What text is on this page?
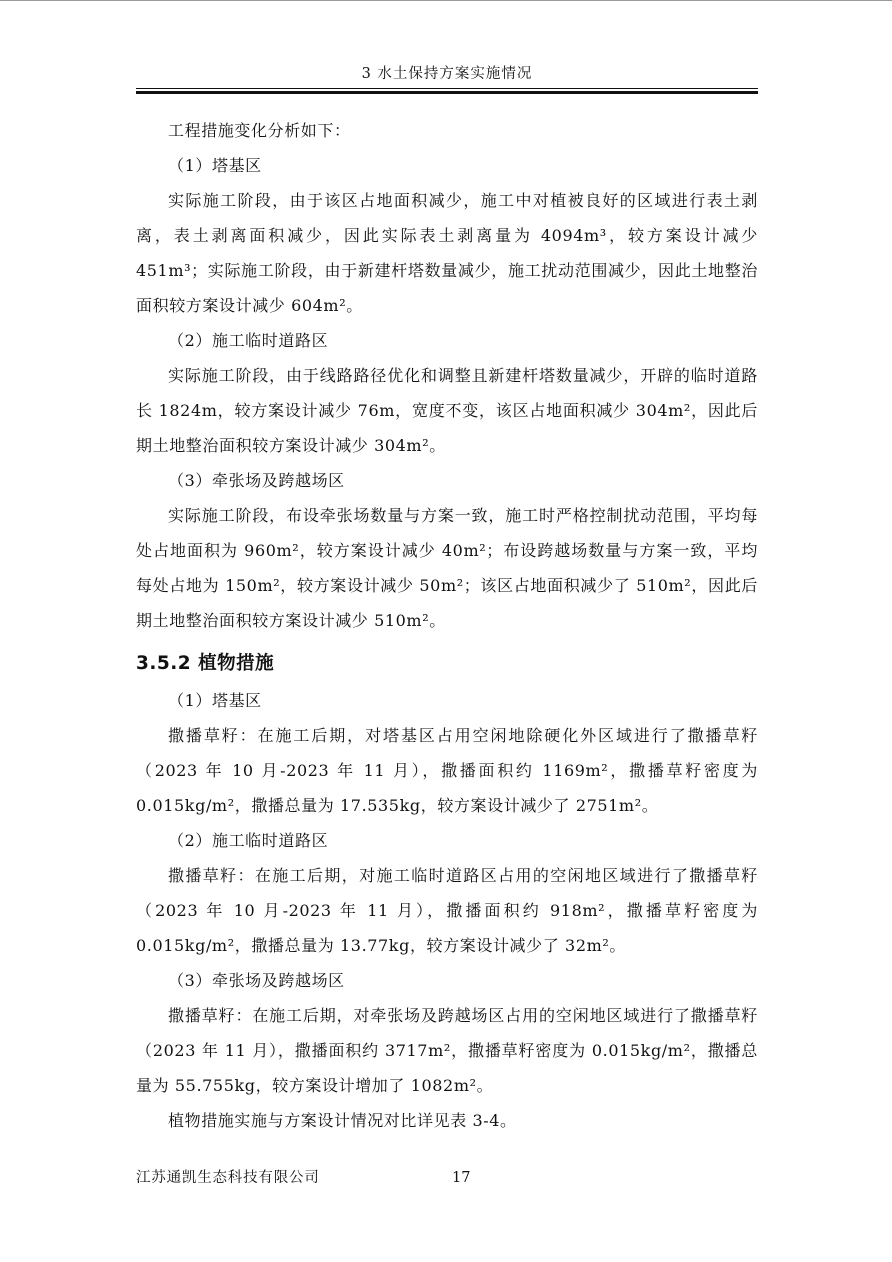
3 水土保持方案实施情况

工程措施变化分析如下：

（1）塔基区

实际施工阶段，由于该区占地面积减少，施工中对植被良好的区域进行表土剥离，表土剥离面积减少，因此实际表土剥离量为 4094m³，较方案设计减少 451m³；实际施工阶段，由于新建杆塔数量减少，施工扰动范围减少，因此土地整治面积较方案设计减少 604m²。

（2）施工临时道路区

实际施工阶段，由于线路路径优化和调整且新建杆塔数量减少，开辟的临时道路长 1824m，较方案设计减少 76m，宽度不变，该区占地面积减少 304m²，因此后期土地整治面积较方案设计减少 304m²。

（3）牵张场及跨越场区

实际施工阶段，布设牵张场数量与方案一致，施工时严格控制扰动范围，平均每处占地面积为 960m²，较方案设计减少 40m²；布设跨越场数量与方案一致，平均每处占地为 150m²，较方案设计减少 50m²；该区占地面积减少了 510m²，因此后期土地整治面积较方案设计减少 510m²。

3.5.2 植物措施

（1）塔基区

撒播草籽：在施工后期，对塔基区占用空闲地除硬化外区域进行了撒播草籽（2023 年 10 月-2023 年 11 月），撒播面积约 1169m²，撒播草籽密度为 0.015kg/m²，撒播总量为 17.535kg，较方案设计减少了 2751m²。

（2）施工临时道路区

撒播草籽：在施工后期，对施工临时道路区占用的空闲地区域进行了撒播草籽（2023 年 10 月-2023 年 11 月），撒播面积约 918m²，撒播草籽密度为 0.015kg/m²，撒播总量为 13.77kg，较方案设计减少了 32m²。

（3）牵张场及跨越场区

撒播草籽：在施工后期，对牵张场及跨越场区占用的空闲地区域进行了撒播草籽（2023 年 11 月），撒播面积约 3717m²，撒播草籽密度为 0.015kg/m²，撒播总量为 55.755kg，较方案设计增加了 1082m²。

植物措施实施与方案设计情况对比详见表 3-4。

江苏通凯生态科技有限公司	17
